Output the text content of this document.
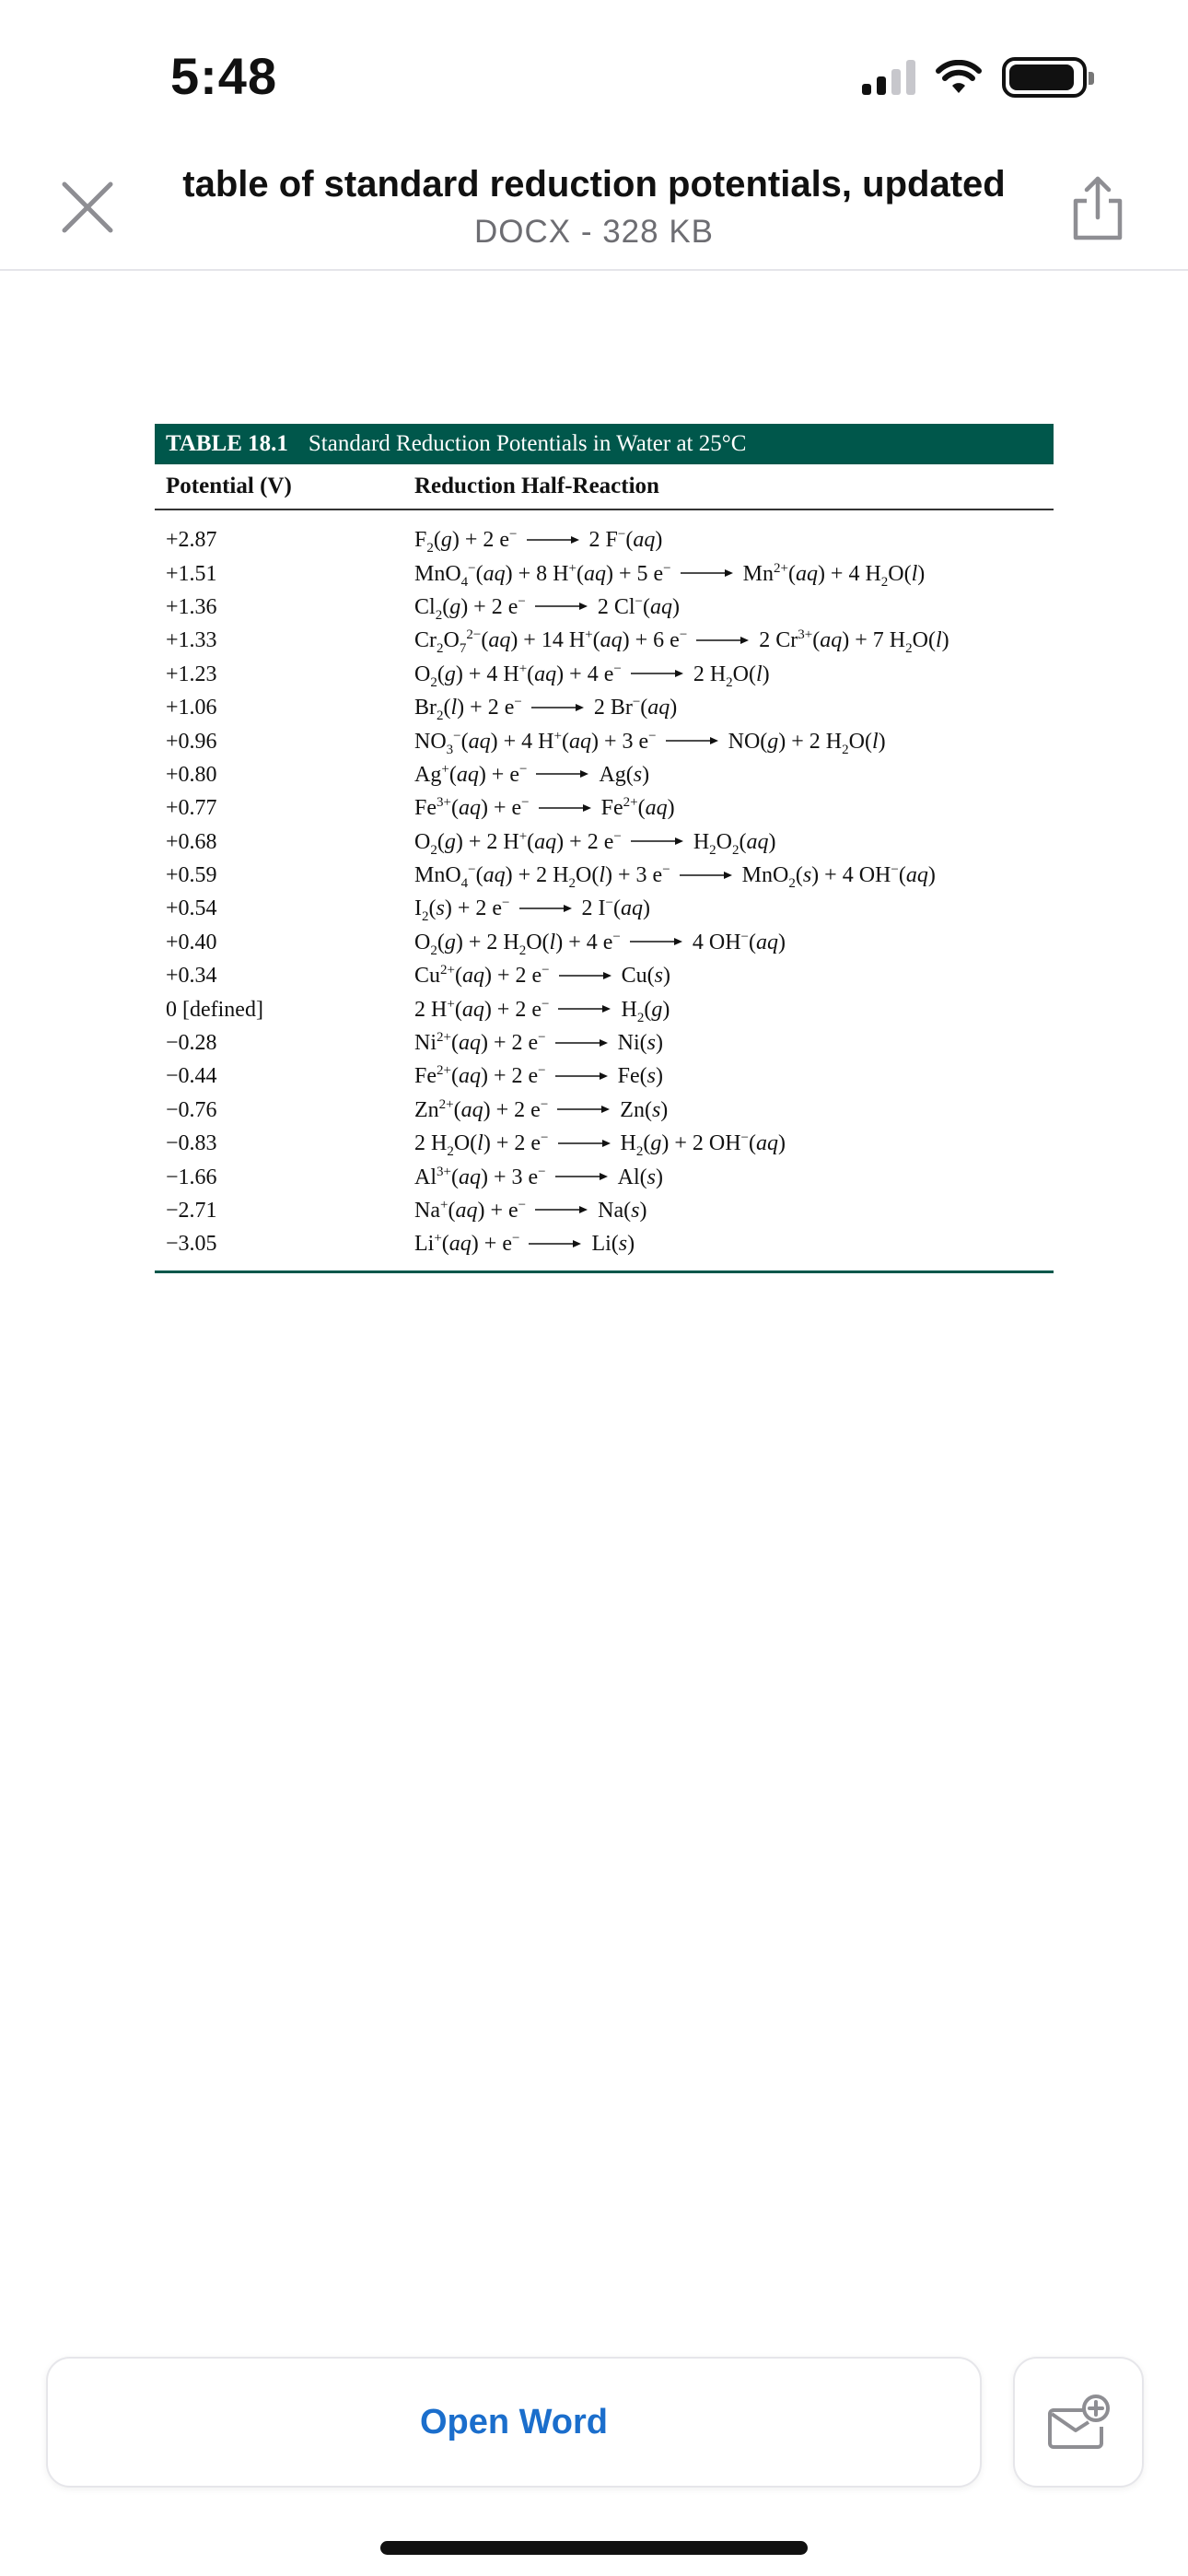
5:48
table of standard reduction potentials, updated
DOCX - 328 KB
TABLE 18.1 Standard Reduction Potentials in Water at 25°C
Potential (V)	Reduction Half-Reaction
+2.87	$F_2(g) + 2$ e− → 2 F−(aq)
+1.51	MnO$_4$−(aq) + 8 H+(aq) + 5 $e^- \to Mn^{2+}(aq) + 4$ $H_2O(l)$
+1.36	$Cl_2(g) + 2$ e− → 2 Cl−(aq)
+1.33	$Cr_2O_7^{2-}(aq) + 14$ H+(aq) + 6 e− → 2 $Cr^{3+}(aq) + 7$ $H_2O(l)$
+1.23	$O_2(g) + 4$ H+(aq) + 4 e− → 2 $H_2O(l)$
+1.06	$Br_2(l) + 2$ e− → 2 Br−(aq)
+0.96	$NO_3^-(aq) + 4$ H+(aq) + 3 e− → NO(g) + 2 $H_2O(l)$
+0.80	Ag+(aq) + e− → Ag(s)
+0.77	$Fe^{3+}(aq) + e^- \to Fe^{2+}(aq)$
+0.68	$O_2(g) + 2$ H+(aq) + 2 $e^- \to H_2O_2(aq)$
+0.59	MnO$_4$−(aq) + 2 $H_2O(l) + 3$ e− → MnO$_2$(s) + 4 OH−(aq)
+0.54	$I_2(s) + 2$ e− → 2 I−(aq)
+0.40	$O_2(g) + 2$ $H_2O(l) + 4$ e− → 4 OH−(aq)
+0.34	$Cu^{2+}(aq) + 2$ e− → Cu(s)
0 [defined]	2 H+(aq) + 2 $e^- \to H_2(g)$
−0.28	$Ni^{2+}(aq) + 2$ e− → Ni(s)
−0.44	$Fe^{2+}(aq) + 2$ e− → Fe(s)
−0.76	$Zn^{2+}(aq) + 2$ e− → Zn(s)
−0.83	2 $H_2O(l) + 2$ $e^- \to H_2(g) + 2$ OH−(aq)
−1.66	$Al^{3+}(aq) + 3$ e− → Al(s)
−2.71	Na+(aq) + e− → Na(s)
−3.05	Li+(aq) + e− → Li(s)
Open Word
